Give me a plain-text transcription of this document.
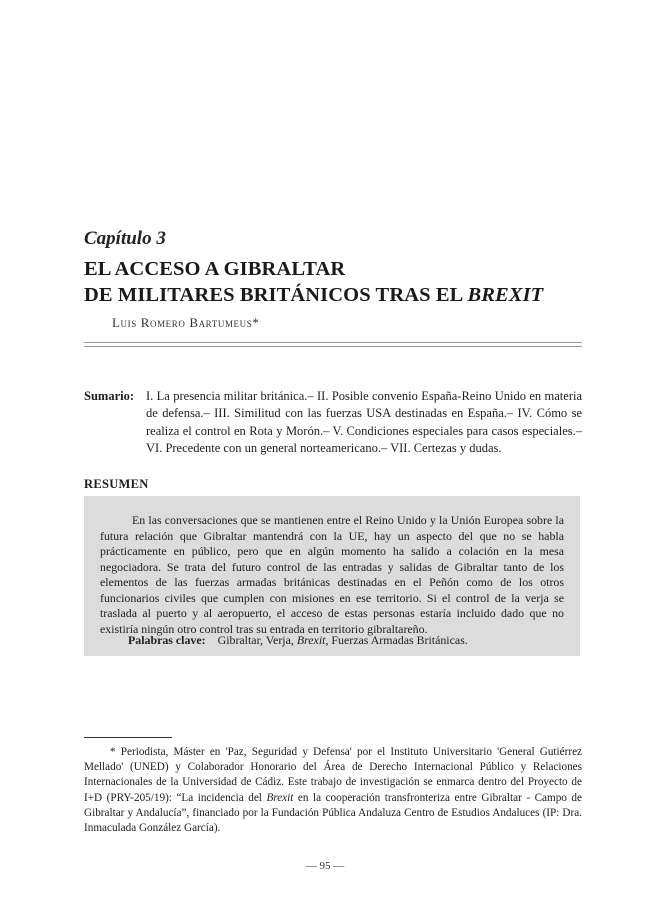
Capítulo 3
EL ACCESO A GIBRALTAR
DE MILITARES BRITÁNICOS TRAS EL BREXIT
Luis Romero Bartumeus*
Sumario: I. La presencia militar británica.– II. Posible convenio España-Reino Unido en materia de defensa.– III. Similitud con las fuerzas USA destinadas en España.– IV. Cómo se realiza el control en Rota y Morón.– V. Condiciones especiales para casos especiales.– VI. Precedente con un general norteamericano.– VII. Certezas y dudas.
RESUMEN

En las conversaciones que se mantienen entre el Reino Unido y la Unión Europea sobre la futura relación que Gibraltar mantendrá con la UE, hay un aspecto del que no se habla prácticamente en público, pero que en algún momento ha salido a colación en la mesa negociadora. Se trata del futuro control de las entradas y salidas de Gibraltar tanto de los elementos de las fuerzas armadas británicas destinadas en el Peñón como de los otros funcionarios civiles que cumplen con misiones en ese territorio. Si el control de la verja se traslada al puerto y al aeropuerto, el acceso de estas personas estaría incluido dado que no existiría ningún otro control tras su entrada en territorio gibraltareño.

Palabras clave: Gibraltar, Verja, Brexit, Fuerzas Armadas Británicas.
* Periodista, Máster en 'Paz, Seguridad y Defensa' por el Instituto Universitario 'General Gutiérrez Mellado' (UNED) y Colaborador Honorario del Área de Derecho Internacional Público y Relaciones Internacionales de la Universidad de Cádiz. Este trabajo de investigación se enmarca dentro del Proyecto de I+D (PRY-205/19): “La incidencia del Brexit en la cooperación transfronteriza entre Gibraltar - Campo de Gibraltar y Andalucía”, financiado por la Fundación Pública Andaluza Centro de Estudios Andaluces (IP: Dra. Inmaculada González García).
— 95 —
